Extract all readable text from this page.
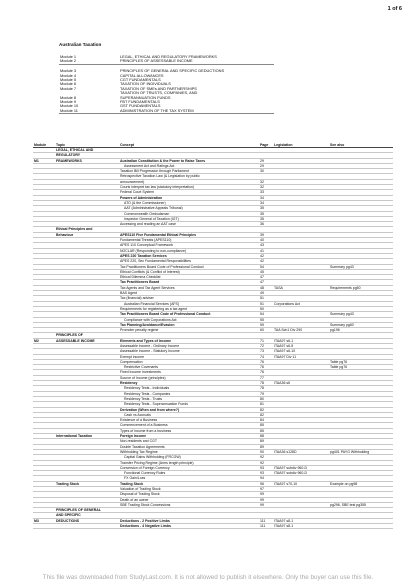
1 of 6
Australian Taxation
Module 1	LEGAL, ETHICAL AND REGULATORY FRAMEWORKS
Module 2	PRINCIPLES OF ASSESSABLE INCOME

Module 3	PRINCIPLES OF GENERAL AND SPECIFIC DEDUCTIONS
Module 4	CAPITAL ALLOWANCES
Module 5	CGT FUNDAMENTALS
Module 6	TAXATION OF INDIVIDUALS
Module 7	TAXATION OF SMEs AND PARTNERSHIPS
	TAXATION OF TRUSTS, COMPANIES, AND
Module 8	SUPERANNUATION FUNDS
Module 9	FBT FUNDAMENTALS
Module 10	GST FUNDAMENTALS
Module 11	ADMINISTRATION OF THE TAX SYSTEM
Module	Topic	Concept	Page	Legislation	See also
	LEGAL, ETHICAL AND				
	REGULATORY				
M1	FRAMEWORKS	Australian Constitution & the Power to Raise Taxes	29		
		Assessment Act and Ratings Act	29		
		Taxation Bill Progression through Parliament	30		
		Retrospective Taxation Law (& Legislation by public			
		announcement)	32		
		Courts interpret tax law (statutory interpretation)	32		
		Federal Court System	33		
		Powers of Administration	34		
		ATO (& the Commissioner)	34		
		AAT (Administrative Appeals Tribunal)	35		
		Commonwealth Ombudsman	35		
		Inspector General of Taxation (IGT)	35		
		Accessing and reading an AAT case	36		
	Ethical Principles and				
	Behaviour	APES110 Five Fundamental Ethical Principles	39		
		Fundamental Threats (APES110)	40		
		APES 110 Conceptual Framework	43		
		NOCLAR (Responding to non-compliance)	41		
		APES 220 Taxation Services	42		
		APES 220, Sec Fundamental Responsibilities	42		
		Tax Practitioners Board Code of Professional Conduct	54		Summary pg43
		Ethical Conflicts (& Conflict of Interest)	45		
		Ethical Dilemma Checklist	47		
		Tax Practitioners Board	47		
		Tax Agents and Tax Agent Services	48	TASA	Requirements pg50
		BAS Agent	49		
		Tax (financial) adviser	51		
		Australian Financial Services (AFS)	51	Corporations Act	
		Requirements for registering as a tax agent	50		
		Tax Practitioners Board Code of Professional Conduct	54		Summary pg43
		Compliance with Corporations Act	55		
		Tax Planning/Avoidance/Evasion	59		Summary pg60
		Promoter penalty regime	60	TAA Sch1 Div 290	pg196
	PRINCIPLES OF				
M2	ASSESSABLE INCOME	Elements and Types of Income	71	ITAA97 s6-1	
		Assessable income - Ordinary Income	72	ITAA97 s6-5	
		Assessable income - Statutory Income	73	ITAA97 s6-10	
		Exempt income	74	ITAA97 Div 11	
		Compensation	76		Table pg76
		Restrictive Covenants	76		Table pg76
		Fixed Income Investments	76		
		Source of Income (principles)	77		
		Residency	78	ITAA36 s6	
		Residency Tests - Individuals	78		
		Residency Tests - Companies	79		
		Residency Tests - Trusts	80		
		Residency Tests - Superannuation Funds	81		
		Derivation (When and from where?)	82		
		Cash vs Accruals	82		
		Existence of a Business	84		
		Commencement of a Business	85		
		Types of income from a business	85		
	International Taxation	Foreign Income	88		
		Non-residents and CGT	89		
		Double Taxation Agreements	89		
		Withholding Tax Regime	90	ITAA36 s128D	pg401 PAYG Withholding
		Capital Gains Withholding (FRCGW)	92		
		Transfer Pricing Regime (Arms length principle)	92		
		Conversion of Foreign Currency	93	ITAA97 subdiv 960-D	
		Functional Currency Rules	93	ITAA97 subdiv 960-D	
		FX Gain/Loss	94		
	Trading Stock	Trading Stock	96	ITAA97 s70-10	Example on pg98
		Valuation of Trading Stock	97		
		Disposal of Trading Stock	99		
		Death of an owner	99		
		SBE Trading Stock Concessions	99		pg296, SBE test pg355
	PRINCIPLES OF GENERAL				
	AND SPECIFIC				
M3	DEDUCTIONS	Deductions - 2 Positive Limbs	111	ITAA97 s8-1	
		Deductions - 4 Negative Limbs	111	ITAA97 s8-1	
This file was downloaded from StudyLast.com. It is not allowed to publish it elsewhere. Only the buyer can use this file.
